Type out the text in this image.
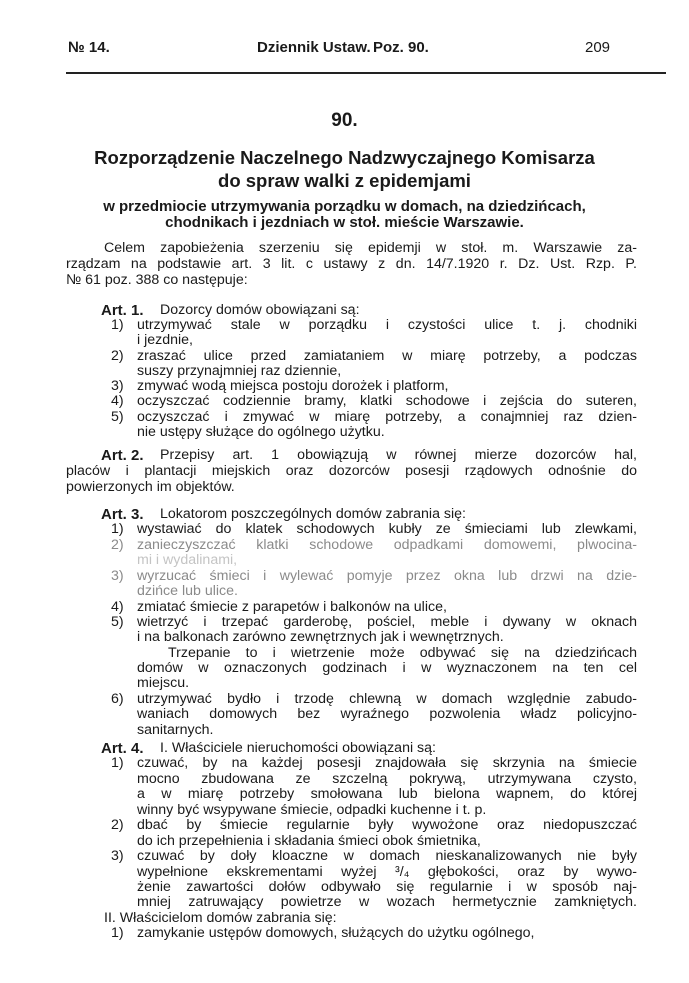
№ 14.	Dziennik Ustaw. Poz. 90.	209
90.
Rozporządzenie Naczelnego Nadzwyczajnego Komisarza
do spraw walki z epidemjami
w przedmiocie utrzymywania porządku w domach, na dziedzińcach,
chodnikach i jezdniach w stoł. mieście Warszawie.
Celem zapobieżenia szerzeniu się epidemji w stoł. m. Warszawie za-
rządzam na podstawie art. 3 lit. c ustawy z dn. 14/7.1920 r. Dz. Ust. Rzp. P.
№ 61 poz. 388 co następuje:
Art. 1. Dozorcy domów obowiązani są:
1) utrzymywać stale w porządku i czystości ulice t. j. chodniki
i jezdnie,
2) zraszać ulice przed zamiataniem w miarę potrzeby, a podczas
suszy przynajmniej raz dziennie,
3) zmywać wodą miejsca postoju dorożek i platform,
4) oczyszczać codziennie bramy, klatki schodowe i zejścia do suteren,
5) oczyszczać i zmywać w miarę potrzeby, a conajmniej raz dzien-
nie ustępy służące do ogólnego użytku.
Art. 2. Przepisy art. 1 obowiązują w równej mierze dozorców hal,
placów i plantacji miejskich oraz dozorców posesji rządowych odnośnie do
powierzonych im objektów.
Art. 3. Lokatorom poszczególnych domów zabrania się:
1) wystawiać do klatek schodowych kubły ze śmieciami lub zlewkami,
2) zanieczyszczać klatki schodowe odpadkami domowemi, plwocina-
mi i wydalinami,
3) wyrzucać śmieci i wylewać pomyje przez okna lub drzwi na dzie-
dzińce lub ulice.
4) zmiatać śmiecie z parapetów i balkonów na ulice,
5) wietrzyć i trzepać garderobę, pościel, meble i dywany w oknach
i na balkonach zarówno zewnętrznych jak i wewnętrznych.
Trzepanie to i wietrzenie może odbywać się na dziedzińcach
domów w oznaczonych godzinach i w wyznaczonem na ten cel
miejscu.
6) utrzymywać bydło i trzodę chlewną w domach względnie zabudo-
waniach domowych bez wyraźnego pozwolenia władz policyjno-
sanitarnych.
Art. 4. I. Właściciele nieruchomości obowiązani są:
1) czuwać, by na każdej posesji znajdowała się skrzynia na śmiecie
mocno zbudowana ze szczelną pokrywą, utrzymywana czysto,
a w miarę potrzeby smołowana lub bielona wapnem, do której
winny być wsypywane śmiecie, odpadki kuchenne i t. p.
2) dbać by śmiecie regularnie były wywożone oraz niedopuszczać
do ich przepełnienia i składania śmieci obok śmietnika,
3) czuwać by doły kloaczne w domach nieskanalizowanych nie były
wypełnione ekskrementami wyżej ³/₄ głębokości, oraz by wywo-
żenie zawartości dołów odbywało się regularnie i w sposób naj-
mniej zatruwający powietrze w wozach hermetycznie zamkniętych.
II. Właścicielom domów zabrania się:
1) zamykanie ustępów domowych, służących do użytku ogólnego,
